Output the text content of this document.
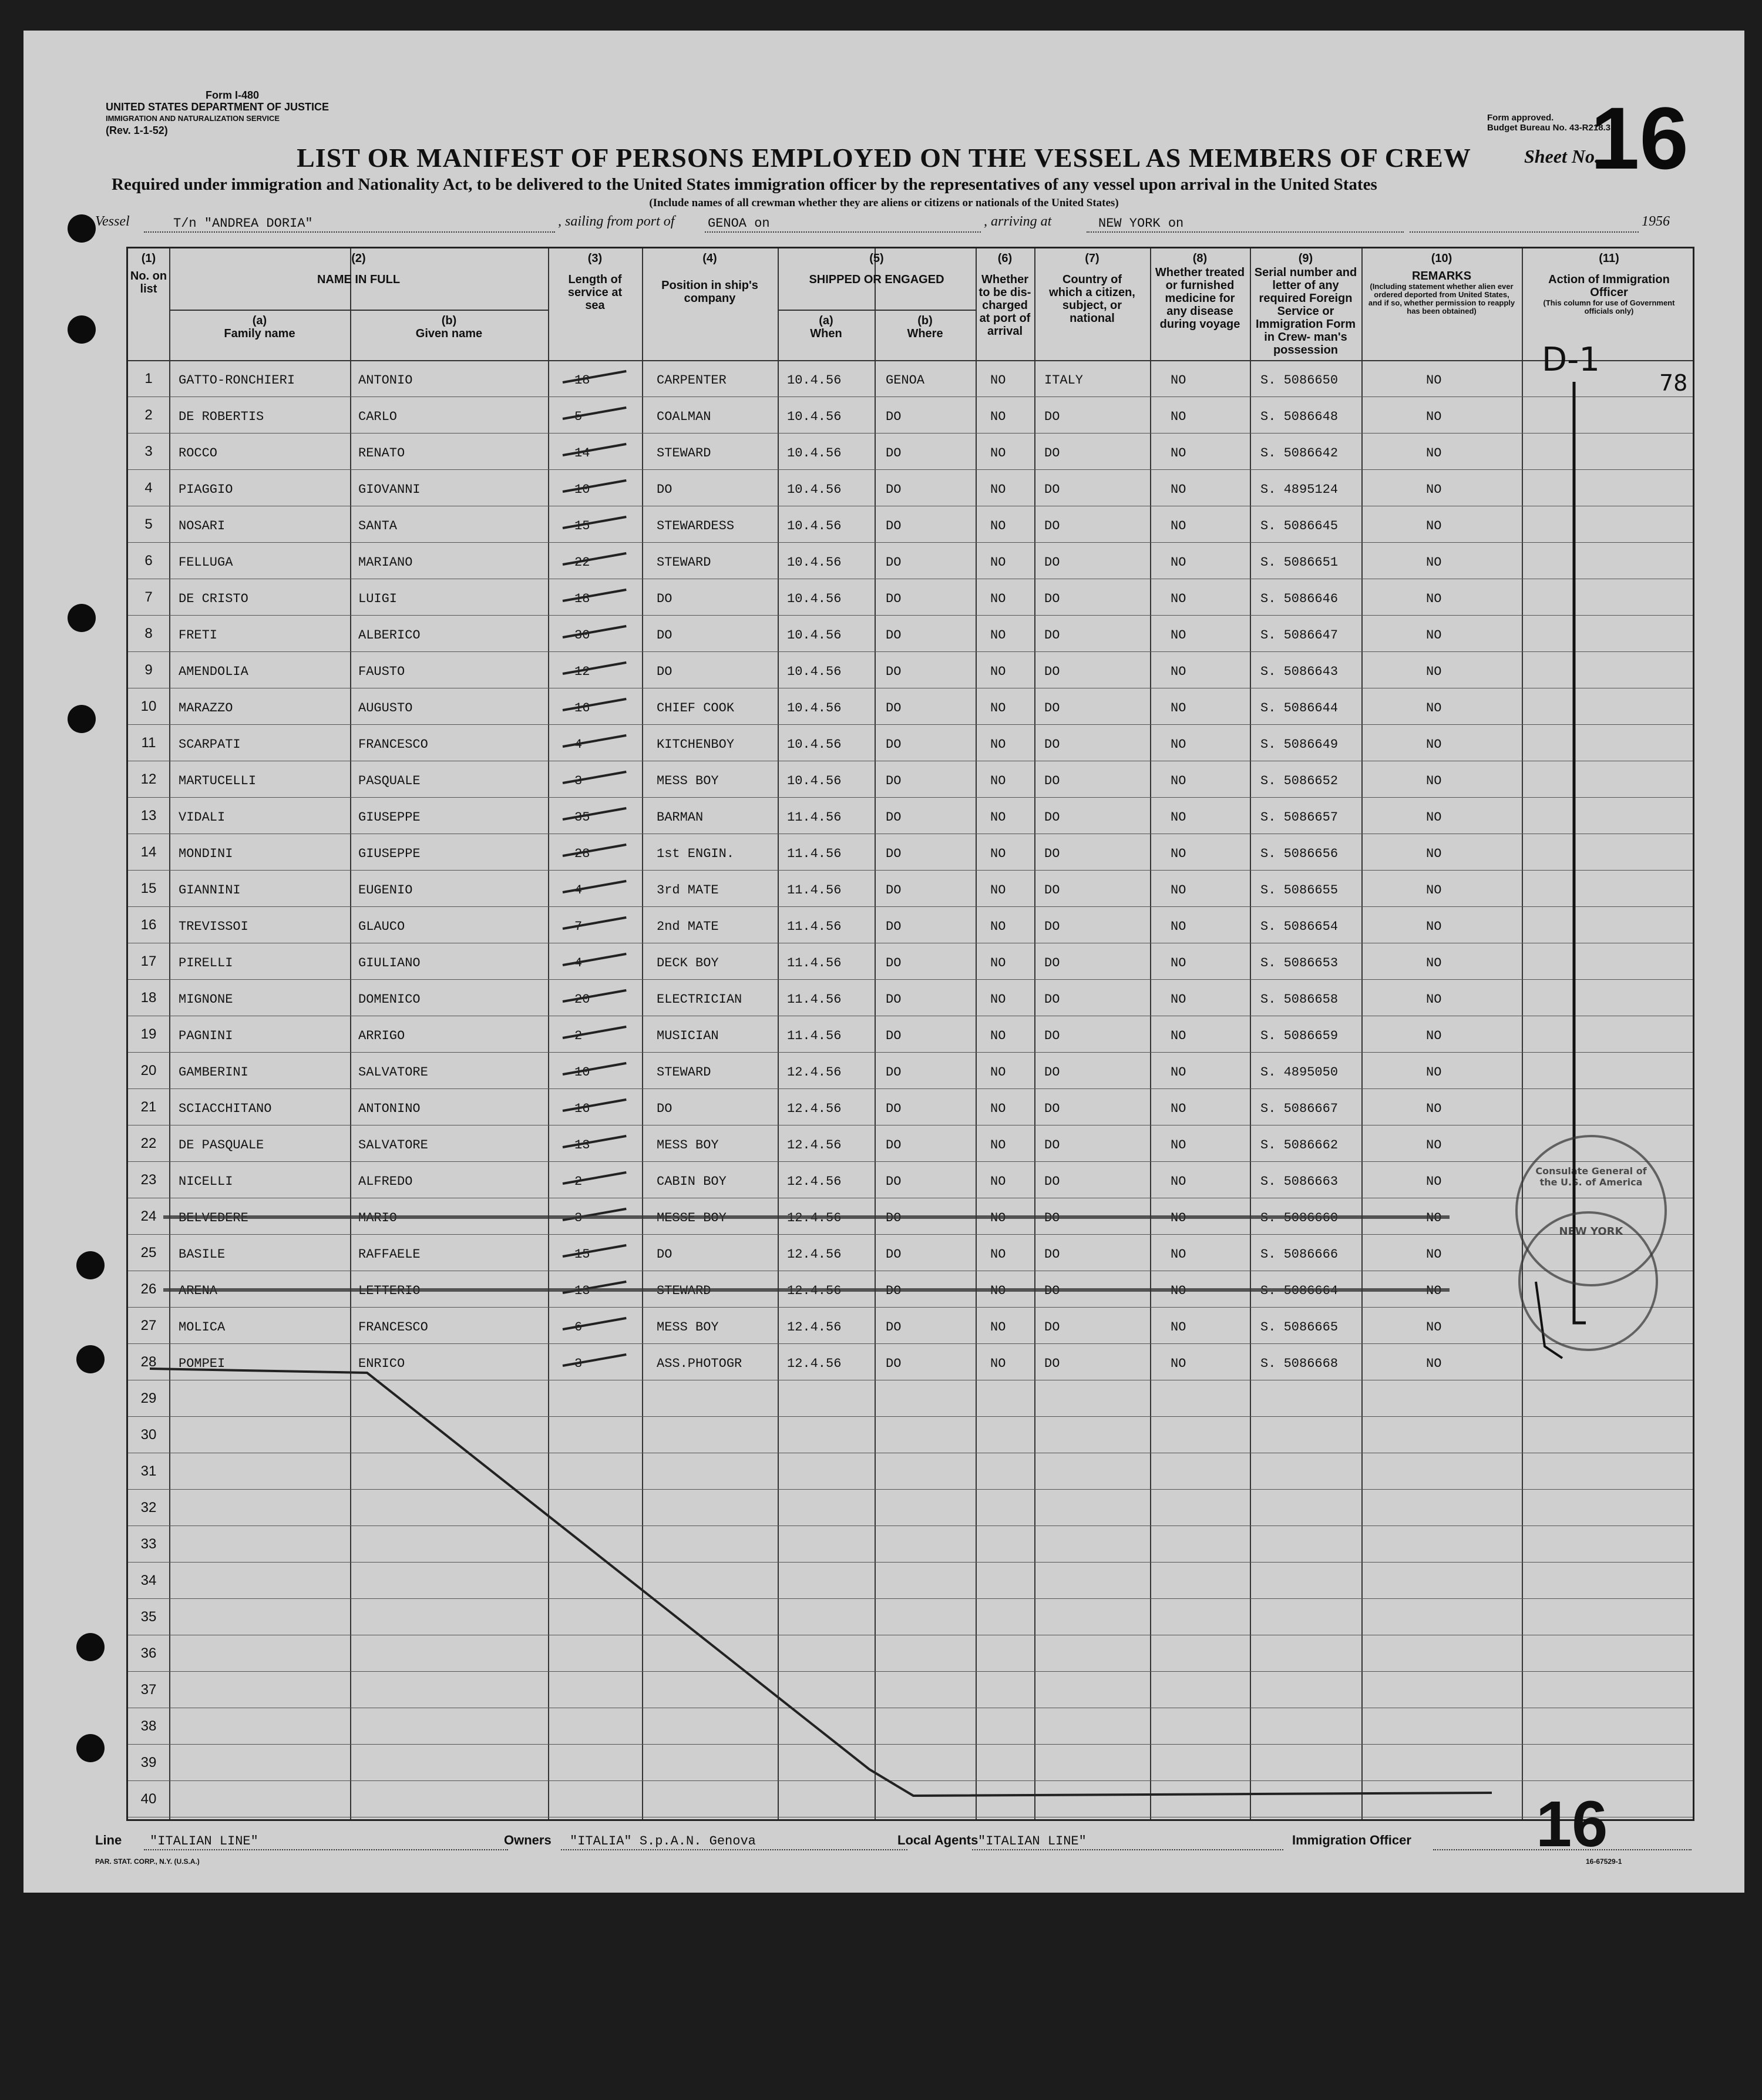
Form I-480
UNITED STATES DEPARTMENT OF JUSTICE
IMMIGRATION AND NATURALIZATION SERVICE
(Rev. 1-1-52)
Form approved.
Budget Bureau No. 43-R218.3.
Sheet No.
16
LIST OR MANIFEST OF PERSONS EMPLOYED ON THE VESSEL AS MEMBERS OF CREW
Required under immigration and Nationality Act, to be delivered to the United States immigration officer by the representatives of any vessel upon arrival in the United States
(Include names of all crewman whether they are aliens or citizens or nationals of the United States)
Vessel	T/n "ANDREA DORIA"	, sailing from port of	GENOA on	, arriving at	NEW YORK on	1956
(1)
No. on list
(2)
NAME IN FULL
(a)
Family name
(b)
Given name
(3)
Length of service at sea
(4)
Position in ship's company
(5)
SHIPPED OR ENGAGED
(a)
When
(b)
Where
(6)
Whether to be dis- charged at port of arrival
(7)
Country of which a citizen, subject, or national
(8)
Whether treated or furnished medicine for any disease during voyage
(9)
Serial number and letter of any required Foreign Service or Immigration Form in Crew- man's possession
(10)
REMARKS
(Including statement whether alien ever ordered deported from United States, and if so, whether permission to reapply has been obtained)
(11)
Action of Immigration Officer
(This column for use of Government officials only)
1	GATTO-RONCHIERI	ANTONIO	18	CARPENTER	10.4.56	GENOA	NO	ITALY	NO	S. 5086650	NO
2	DE ROBERTIS	CARLO	5	COALMAN	10.4.56	DO	NO	DO	NO	S. 5086648	NO
3	ROCCO	RENATO	14	STEWARD	10.4.56	DO	NO	DO	NO	S. 5086642	NO
4	PIAGGIO	GIOVANNI	10	DO	10.4.56	DO	NO	DO	NO	S. 4895124	NO
5	NOSARI	SANTA	15	STEWARDESS	10.4.56	DO	NO	DO	NO	S. 5086645	NO
6	FELLUGA	MARIANO	22	STEWARD	10.4.56	DO	NO	DO	NO	S. 5086651	NO
7	DE CRISTO	LUIGI	18	DO	10.4.56	DO	NO	DO	NO	S. 5086646	NO
8	FRETI	ALBERICO	30	DO	10.4.56	DO	NO	DO	NO	S. 5086647	NO
9	AMENDOLIA	FAUSTO	12	DO	10.4.56	DO	NO	DO	NO	S. 5086643	NO
10	MARAZZO	AUGUSTO	16	CHIEF COOK	10.4.56	DO	NO	DO	NO	S. 5086644	NO
11	SCARPATI	FRANCESCO	4	KITCHENBOY	10.4.56	DO	NO	DO	NO	S. 5086649	NO
12	MARTUCELLI	PASQUALE	3	MESS BOY	10.4.56	DO	NO	DO	NO	S. 5086652	NO
13	VIDALI	GIUSEPPE	35	BARMAN	11.4.56	DO	NO	DO	NO	S. 5086657	NO
14	MONDINI	GIUSEPPE	28	1st ENGIN.	11.4.56	DO	NO	DO	NO	S. 5086656	NO
15	GIANNINI	EUGENIO	4	3rd MATE	11.4.56	DO	NO	DO	NO	S. 5086655	NO
16	TREVISSOI	GLAUCO	7	2nd MATE	11.4.56	DO	NO	DO	NO	S. 5086654	NO
17	PIRELLI	GIULIANO	4	DECK BOY	11.4.56	DO	NO	DO	NO	S. 5086653	NO
18	MIGNONE	DOMENICO	20	ELECTRICIAN	11.4.56	DO	NO	DO	NO	S. 5086658	NO
19	PAGNINI	ARRIGO	2	MUSICIAN	11.4.56	DO	NO	DO	NO	S. 5086659	NO
20	GAMBERINI	SALVATORE	10	STEWARD	12.4.56	DO	NO	DO	NO	S. 4895050	NO
21	SCIACCHITANO	ANTONINO	16	DO	12.4.56	DO	NO	DO	NO	S. 5086667	NO
22	DE PASQUALE	SALVATORE	13	MESS BOY	12.4.56	DO	NO	DO	NO	S. 5086662	NO
23	NICELLI	ALFREDO	2	CABIN BOY	12.4.56	DO	NO	DO	NO	S. 5086663	NO
24	BELVEDERE	MARIO	3	MESSE BOY	12.4.56	DO	NO	DO	NO	S. 5086660	NO
25	BASILE	RAFFAELE	15	DO	12.4.56	DO	NO	DO	NO	S. 5086666	NO
26	ARENA	LETTERIO	13	STEWARD	12.4.56	DO	NO	DO	NO	S. 5086664	NO
27	MOLICA	FRANCESCO	6	MESS BOY	12.4.56	DO	NO	DO	NO	S. 5086665	NO
28	POMPEI	ENRICO	3	ASS.PHOTOGR	12.4.56	DO	NO	DO	NO	S. 5086668	NO
29
30
31
32
33
34
35
36
37
38
39
40
D-1
78
Consulate General of the U.S. of America
NEW YORK
16
Line "ITALIAN LINE"	Owners "ITALIA" S.p.A.N. Genova	Local Agents "ITALIAN LINE"	Immigration Officer
PAR. STAT. CORP., N.Y. (U.S.A.)	16-67529-1
